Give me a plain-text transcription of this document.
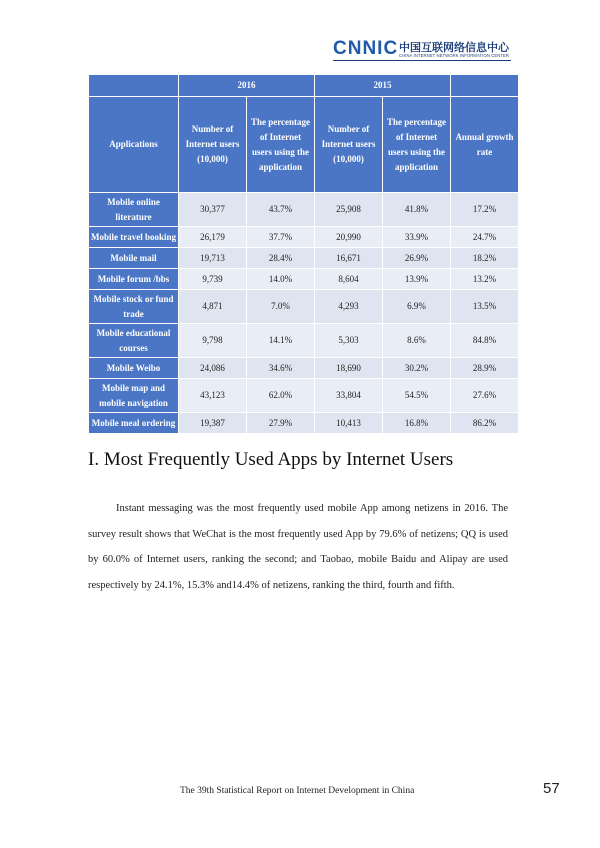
CNNIC 中国互联网络信息中心
CHINA INTERNET NETWORK INFORMATION CENTER
	2016		2015		
Applications	Number of Internet users (10,000)	The percentage of Internet users using the application	Number of Internet users (10,000)	The percentage of Internet users using the application	Annual growth rate
Mobile online literature	30,377	43.7%	25,908	41.8%	17.2%
Mobile travel booking	26,179	37.7%	20,990	33.9%	24.7%
Mobile mail	19,713	28.4%	16,671	26.9%	18.2%
Mobile forum /bbs	9,739	14.0%	8,604	13.9%	13.2%
Mobile stock or fund trade	4,871	7.0%	4,293	6.9%	13.5%
Mobile educational courses	9,798	14.1%	5,303	8.6%	84.8%
Mobile Weibo	24,086	34.6%	18,690	30.2%	28.9%
Mobile map and mobile navigation	43,123	62.0%	33,804	54.5%	27.6%
Mobile meal ordering	19,387	27.9%	10,413	16.8%	86.2%
I. Most Frequently Used Apps by Internet Users

Instant messaging was the most frequently used mobile App among netizens in 2016. The survey result shows that WeChat is the most frequently used App by 79.6% of netizens; QQ is used by 60.0% of Internet users, ranking the second; and Taobao, mobile Baidu and Alipay are used respectively by 24.1%, 15.3% and14.4% of netizens, ranking the third, fourth and fifth.

The 39th Statistical Report on Internet Development in China	57
